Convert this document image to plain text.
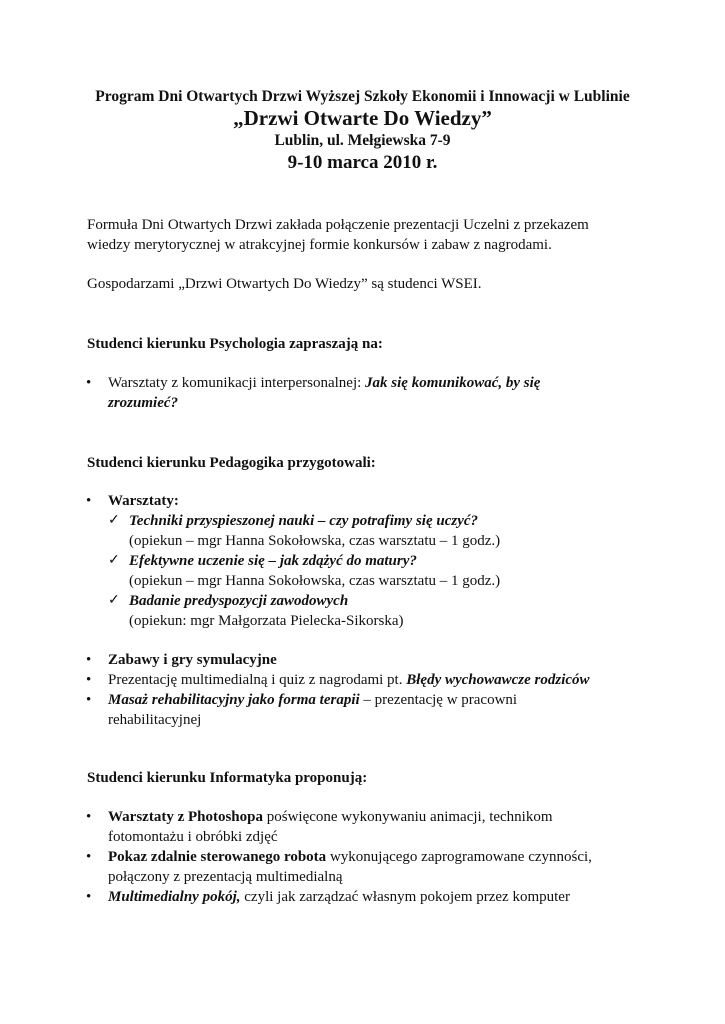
Program Dni Otwartych Drzwi Wyższej Szkoły Ekonomii i Innowacji w Lublinie
„Drzwi Otwarte Do Wiedzy”
Lublin, ul. Mełgiewska 7-9
9-10 marca 2010 r.
Formuła Dni Otwartych Drzwi zakłada połączenie prezentacji Uczelni z przekazem
wiedzy merytorycznej w atrakcyjnej formie konkursów i zabaw z nagrodami.
Gospodarzami „Drzwi Otwartych Do Wiedzy” są studenci WSEI.
Studenci kierunku Psychologia zapraszają na:
• Warsztaty z komunikacji interpersonalnej: Jak się komunikować, by się
zrozumieć?
Studenci kierunku Pedagogika przygotowali:
• Warsztaty:
✓ Techniki przyspieszonej nauki – czy potrafimy się uczyć?
(opiekun – mgr Hanna Sokołowska, czas warsztatu – 1 godz.)
✓ Efektywne uczenie się – jak zdążyć do matury?
(opiekun – mgr Hanna Sokołowska, czas warsztatu – 1 godz.)
✓ Badanie predyspozycji zawodowych
(opiekun: mgr Małgorzata Pielecka-Sikorska)
• Zabawy i gry symulacyjne
• Prezentację multimedialną i quiz z nagrodami pt. Błędy wychowawcze rodziców
• Masaż rehabilitacyjny jako forma terapii – prezentację w pracowni
rehabilitacyjnej
Studenci kierunku Informatyka proponują:
• Warsztaty z Photoshopa poświęcone wykonywaniu animacji, technikom
fotomontażu i obróbki zdjęć
• Pokaz zdalnie sterowanego robota wykonującego zaprogramowane czynności,
połączony z prezentacją multimedialną
• Multimedialny pokój, czyli jak zarządzać własnym pokojem przez komputer
